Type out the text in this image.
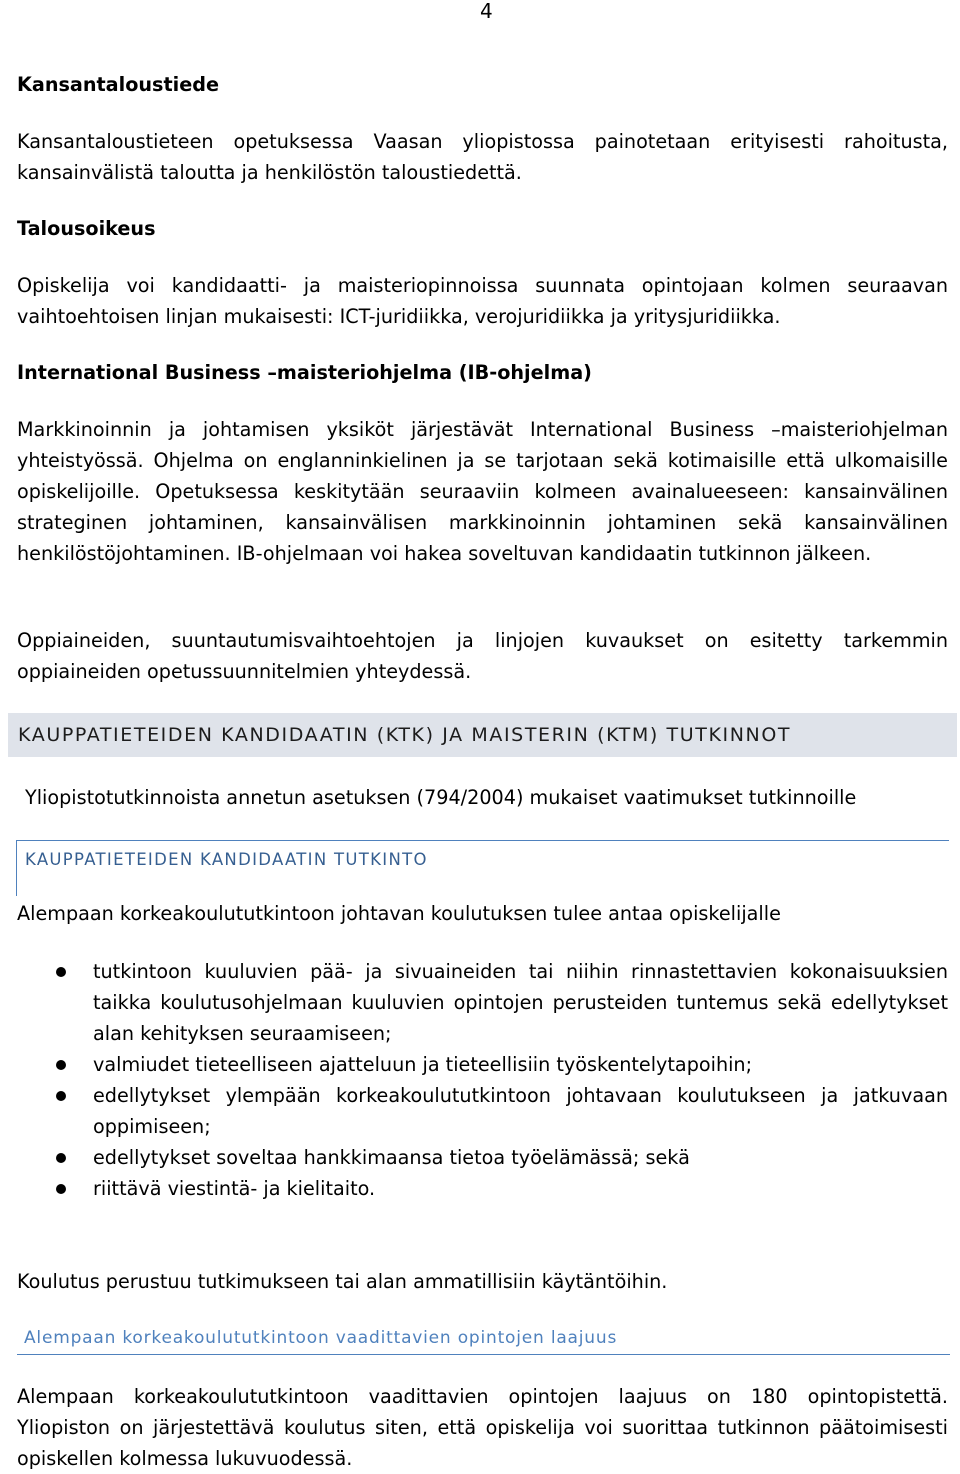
4
Kansantaloustiede

Kansantaloustieteen opetuksessa Vaasan yliopistossa painotetaan erityisesti rahoitusta, kansainvälistä taloutta ja henkilöstön taloustiedettä.

Talousoikeus

Opiskelija voi kandidaatti- ja maisteriopinnoissa suunnata opintojaan kolmen seuraavan vaihtoehtoisen linjan mukaisesti: ICT-juridiikka, verojuridiikka ja yritysjuridiikka.

International Business –maisteriohjelma (IB-ohjelma)

Markkinoinnin ja johtamisen yksiköt järjestävät International Business –maisteriohjelman yhteistyössä. Ohjelma on englanninkielinen ja se tarjotaan sekä kotimaisille että ulkomaisille opiskelijoille. Opetuksessa keskitytään seuraaviin kolmeen avainalueeseen: kansainvälinen strateginen johtaminen, kansainvälisen markkinoinnin johtaminen sekä kansainvälinen henkilöstöjohtaminen. IB-ohjelmaan voi hakea soveltuvan kandidaatin tutkinnon jälkeen.

Oppiaineiden, suuntautumisvaihtoehtojen ja linjojen kuvaukset on esitetty tarkemmin oppiaineiden opetussuunnitelmien yhteydessä.

Yliopistotutkinnoista annetun asetuksen (794/2004) mukaiset vaatimukset tutkinnoille

Alempaan korkeakoulututkintoon johtavan koulutuksen tulee antaa opiskelijalle

tutkintoon kuuluvien pää- ja sivuaineiden tai niihin rinnastettavien kokonaisuuksien taikka koulutusohjelmaan kuuluvien opintojen perusteiden tuntemus sekä edellytykset alan kehityksen seuraamiseen;
valmiudet tieteelliseen ajatteluun ja tieteellisiin työskentelytapoihin;
edellytykset ylempään korkeakoulututkintoon johtavaan koulutukseen ja jatkuvaan oppimiseen;
edellytykset soveltaa hankkimaansa tietoa työelämässä; sekä
riittävä viestintä- ja kielitaito.

Koulutus perustuu tutkimukseen tai alan ammatillisiin käytäntöihin.

Alempaan korkeakoulututkintoon vaadittavien opintojen laajuus on 180 opintopistettä. Yliopiston on järjestettävä koulutus siten, että opiskelija voi suorittaa tutkinnon päätoimisesti opiskellen kolmessa lukuvuodessä.

KAUPPATIETEIDEN KANDIDAATIN (KTK) JA MAISTERIN (KTM) TUTKINNOT
KAUPPATIETEIDEN KANDIDAATIN TUTKINTO
Alempaan korkeakoulututkintoon vaadittavien opintojen laajuus
